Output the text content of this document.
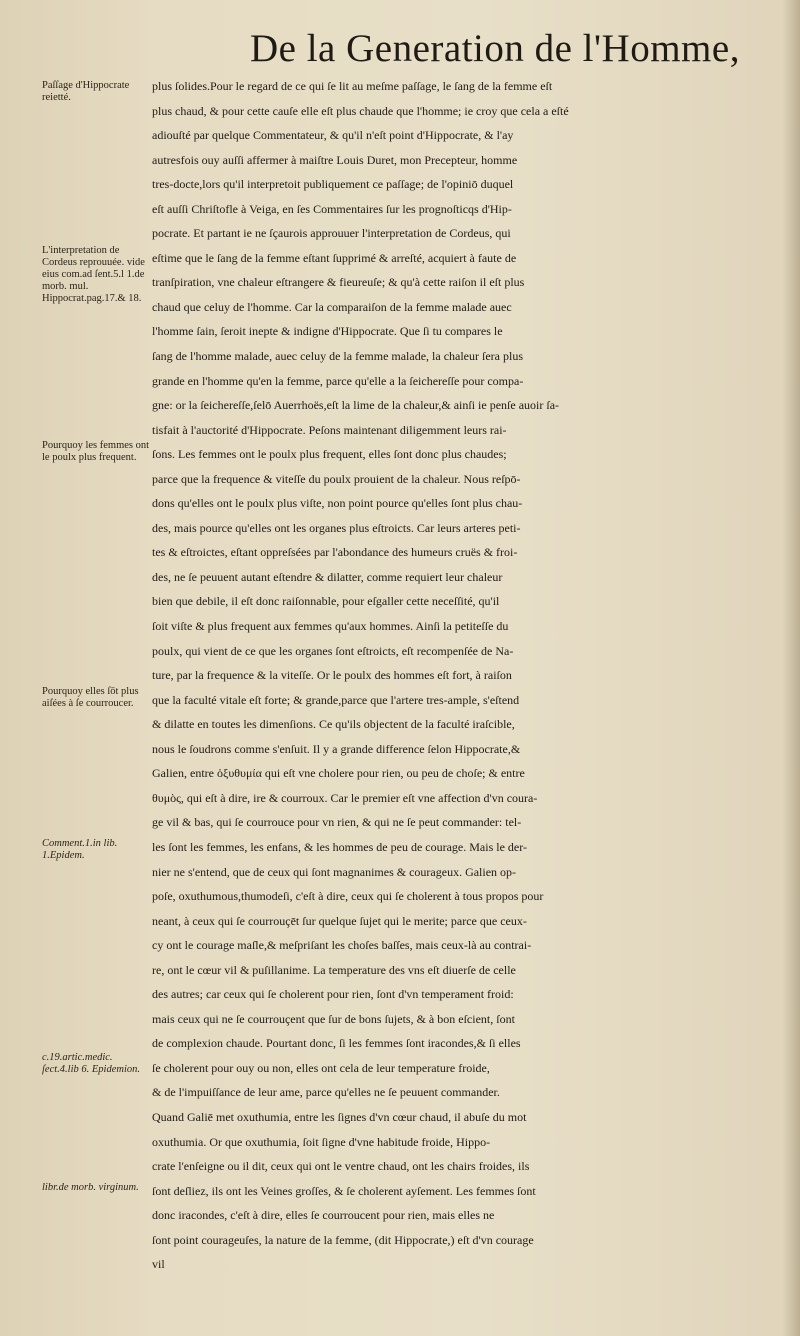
De la Generation de l'Homme,
Paſſage d'Hippocrate reietté.
L'interpretation de Cordeus reprouuée. vide eius com.ad ſent.5.l 1.de morb. mul. Hippocrat.pag.17.& 18.
Pourquoy les femmes ont le poulx plus frequent.
Pourquoy elles ſōt plus aiſées à ſe courroucer.
Comment.1.in lib. 1.Epidem.
c.19.artic.medic. ſect.4.lib 6. Epidemion.
libr.de morb. virginum.
plus ſolides.Pour le regard de ce qui ſe lit au meſme paſſage, le ſang de la femme eſt
plus chaud, & pour cette cauſe elle eſt plus chaude que l'homme; ie croy que cela a eſté
adiouſté par quelque Commentateur, & qu'il n'eſt point d'Hippocrate, & l'ay
autresfois ouy auſſi affermer à maiſtre Louis Duret, mon Precepteur, homme
tres-docte,lors qu'il interpretoit publiquement ce paſſage; de l'opiniō duquel
eſt auſſi Chriſtofle à Veiga, en ſes Commentaires ſur les prognoſticqs d'Hip-
pocrate. Et partant ie ne ſçaurois approuuer l'interpretation de Cordeus, qui
eſtime que le ſang de la femme eſtant ſupprimé & arreſté, acquiert à faute de
tranſpiration, vne chaleur eſtrangere & fieureuſe; & qu'à cette raiſon il eſt plus
chaud que celuy de l'homme. Car la comparaiſon de la femme malade auec
l'homme ſain, ſeroit inepte & indigne d'Hippocrate. Que ſi tu compares le
ſang de l'homme malade, auec celuy de la femme malade, la chaleur ſera plus
grande en l'homme qu'en la femme, parce qu'elle a la ſeichereſſe pour compa-
gne: or la ſeichereſſe,ſelō Auerrhoës,eſt la lime de la chaleur,& ainſi ie penſe auoir ſa-
tisfait à l'auctorité d'Hippocrate. Peſons maintenant diligemment leurs rai-
ſons. Les femmes ont le poulx plus frequent, elles ſont donc plus chaudes;
parce que la frequence & viteſſe du poulx prouient de la chaleur. Nous reſpō-
dons qu'elles ont le poulx plus viſte, non point pource qu'elles ſont plus chau-
des, mais pource qu'elles ont les organes plus eſtroicts. Car leurs arteres peti-
tes & eſtroictes, eſtant oppreſsées par l'abondance des humeurs cruës & froi-
des, ne ſe peuuent autant eſtendre & dilatter, comme requiert leur chaleur
bien que debile, il eſt donc raiſonnable, pour eſgaller cette neceſſité, qu'il
ſoit viſte & plus frequent aux femmes qu'aux hommes. Ainſi la petiteſſe du
poulx, qui vient de ce que les organes ſont eſtroicts, eſt recompenſée de Na-
ture, par la frequence & la viteſſe. Or le poulx des hommes eſt fort, à raiſon
que la faculté vitale eſt forte; & grande,parce que l'artere tres-ample, s'eſtend
& dilatte en toutes les dimenſions. Ce qu'ils objectent de la faculté iraſcible,
nous le ſoudrons comme s'enſuit. Il y a grande difference ſelon Hippocrate,&
Galien, entre ὀξυθυμία qui eſt vne cholere pour rien, ou peu de choſe; & entre
θυμὸς, qui eſt à dire, ire & courroux. Car le premier eſt vne affection d'vn coura-
ge vil & bas, qui ſe courrouce pour vn rien, & qui ne ſe peut commander: tel-
les ſont les femmes, les enfans, & les hommes de peu de courage. Mais le der-
nier ne s'entend, que de ceux qui ſont magnanimes & courageux. Galien op-
poſe, oxuthumous,thumodeſi, c'eſt à dire, ceux qui ſe cholerent à tous propos pour
neant, à ceux qui ſe courrouçēt ſur quelque ſujet qui le merite; parce que ceux-
cy ont le courage maſle,& meſpriſant les choſes baſſes, mais ceux-là au contrai-
re, ont le cœur vil & puſillanime. La temperature des vns eſt diuerſe de celle
des autres; car ceux qui ſe cholerent pour rien, ſont d'vn temperament froid:
mais ceux qui ne ſe courrouçent que ſur de bons ſujets, & à bon eſcient, ſont
de complexion chaude. Pourtant donc, ſi les femmes ſont iracondes,& ſi elles
ſe cholerent pour ouy ou non, elles ont cela de leur temperature froide,
& de l'impuiſſance de leur ame, parce qu'elles ne ſe peuuent commander.
Quand Galiē met oxuthumia, entre les ſignes d'vn cœur chaud, il abuſe du mot
oxuthumia. Or que oxuthumia, ſoit ſigne d'vne habitude froide, Hippo-
crate l'enſeigne ou il dit, ceux qui ont le ventre chaud, ont les chairs froides, ils
ſont deſliez, ils ont les Veines groſſes, & ſe cholerent ayſement. Les femmes ſont
donc iracondes, c'eſt à dire, elles ſe courroucent pour rien, mais elles ne
ſont point courageuſes, la nature de la femme, (dit Hippocrate,) eſt d'vn courage
vil
